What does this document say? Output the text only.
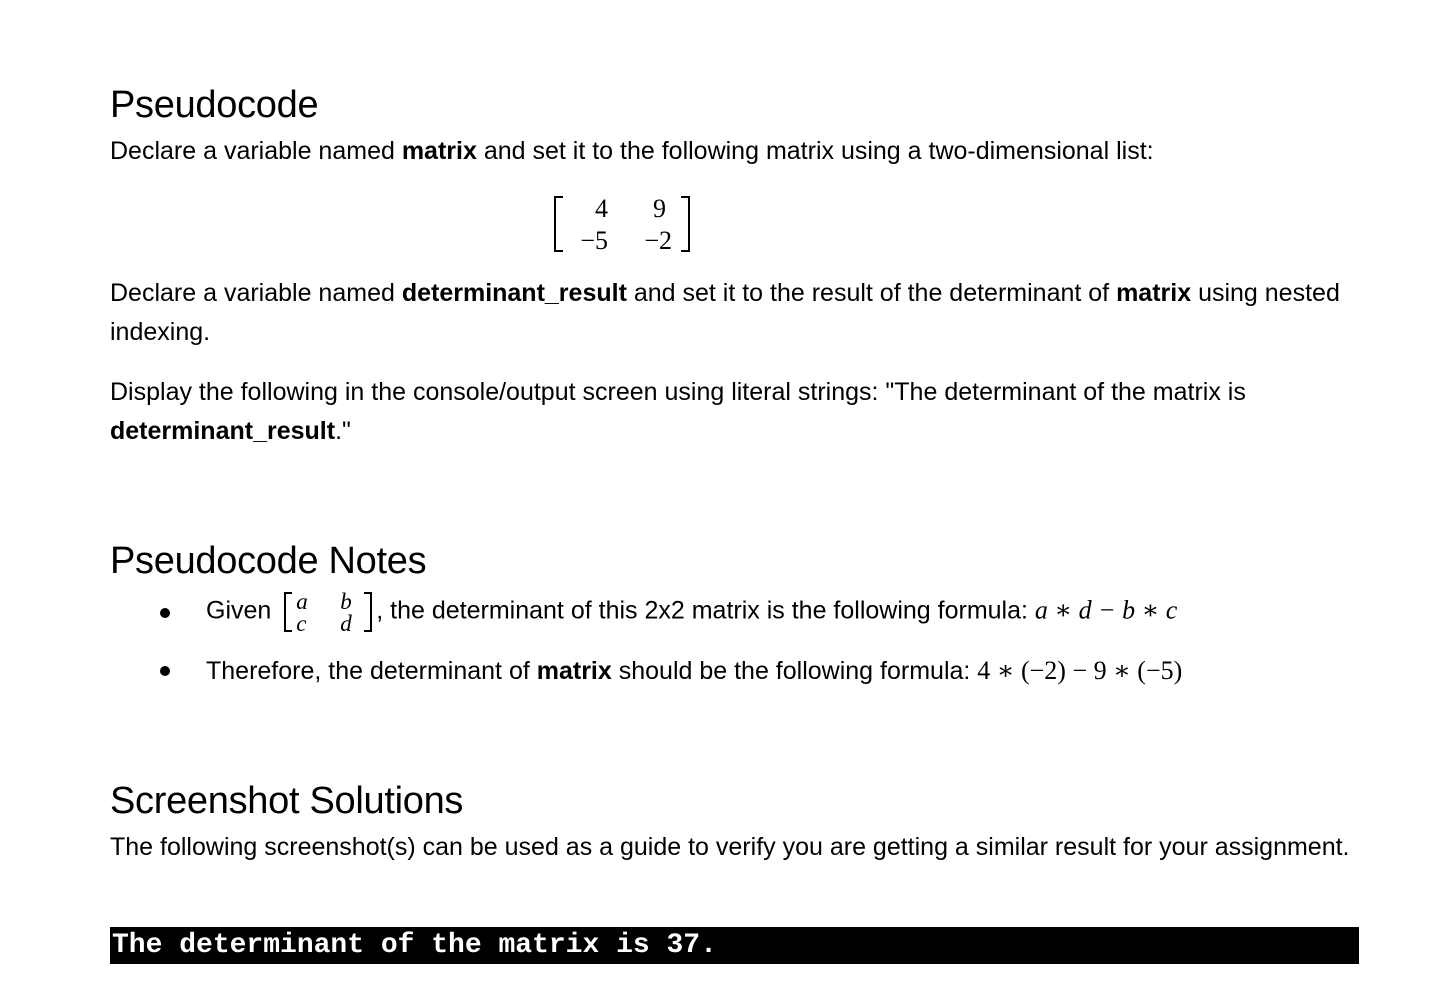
Pseudocode
Declare a variable named matrix and set it to the following matrix using a two-dimensional list:
4	9
−5	−2
Declare a variable named determinant_result and set it to the result of the determinant of matrix using nested indexing.
Display the following in the console/output screen using literal strings: "The determinant of the matrix is determinant_result."
Pseudocode Notes
Given a b
c d , the determinant of this 2x2 matrix is the following formula: a ∗ d − b ∗ c
Therefore, the determinant of matrix should be the following formula: 4 ∗ (−2) − 9 ∗ (−5)
Screenshot Solutions
The following screenshot(s) can be used as a guide to verify you are getting a similar result for your assignment.
The determinant of the matrix is 37.
